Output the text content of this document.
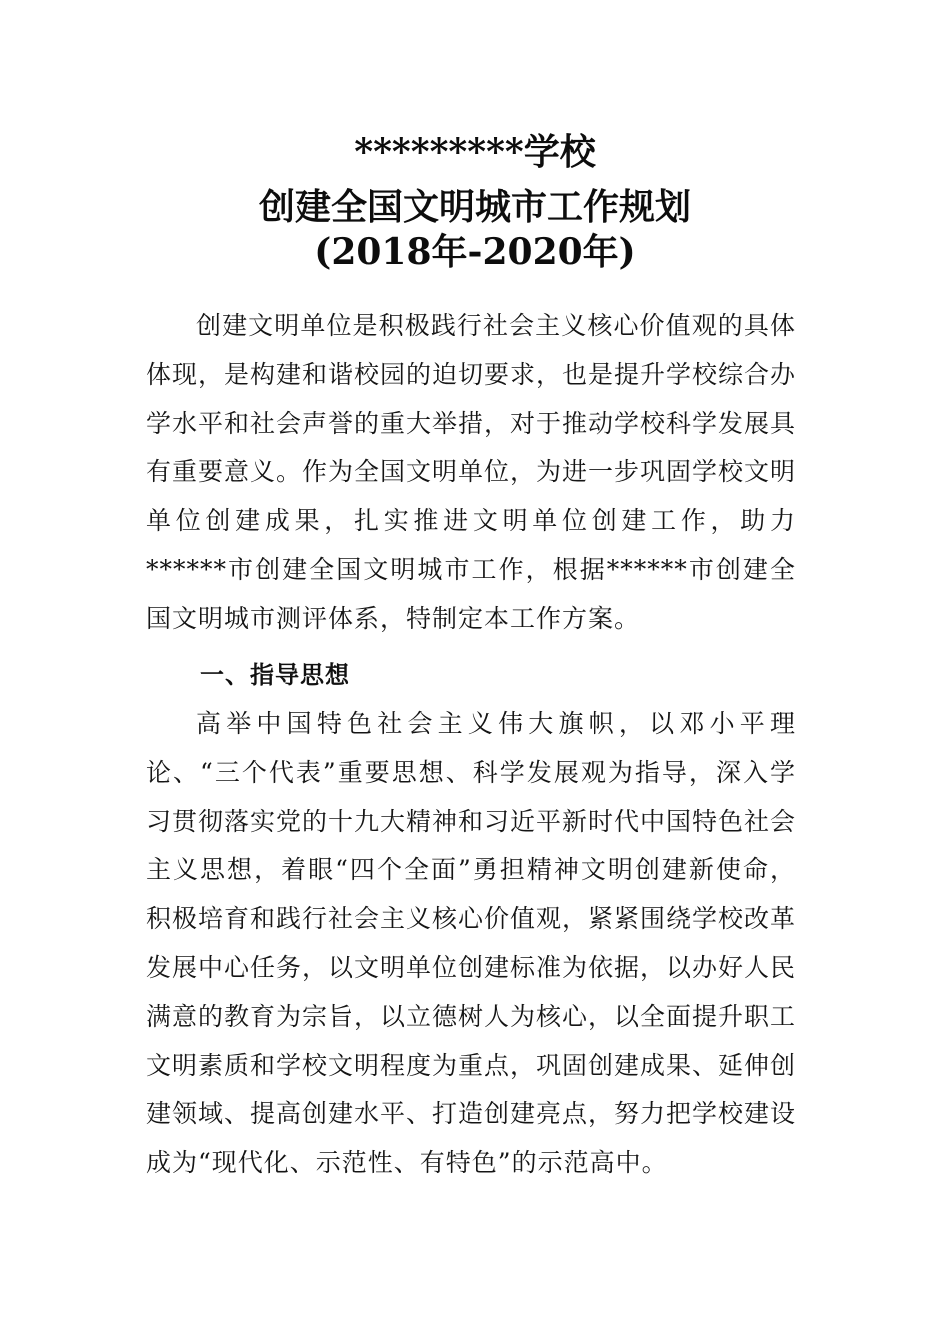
*********学校
创建全国文明城市工作规划
(2018年-2020年)
创建文明单位是积极践行社会主义核心价值观的具体体现，是构建和谐校园的迫切要求，也是提升学校综合办学水平和社会声誉的重大举措，对于推动学校科学发展具有重要意义。作为全国文明单位，为进一步巩固学校文明单位创建成果，扎实推进文明单位创建工作，助力******市创建全国文明城市工作，根据******市创建全国文明城市测评体系，特制定本工作方案。
一、指导思想
高举中国特色社会主义伟大旗帜，以邓小平理论、“三个代表”重要思想、科学发展观为指导，深入学习贯彻落实党的十九大精神和习近平新时代中国特色社会主义思想，着眼“四个全面”勇担精神文明创建新使命，积极培育和践行社会主义核心价值观，紧紧围绕学校改革发展中心任务，以文明单位创建标准为依据，以办好人民满意的教育为宗旨，以立德树人为核心，以全面提升职工文明素质和学校文明程度为重点，巩固创建成果、延伸创建领域、提高创建水平、打造创建亮点，努力把学校建设成为“现代化、示范性、有特色”的示范高中。
